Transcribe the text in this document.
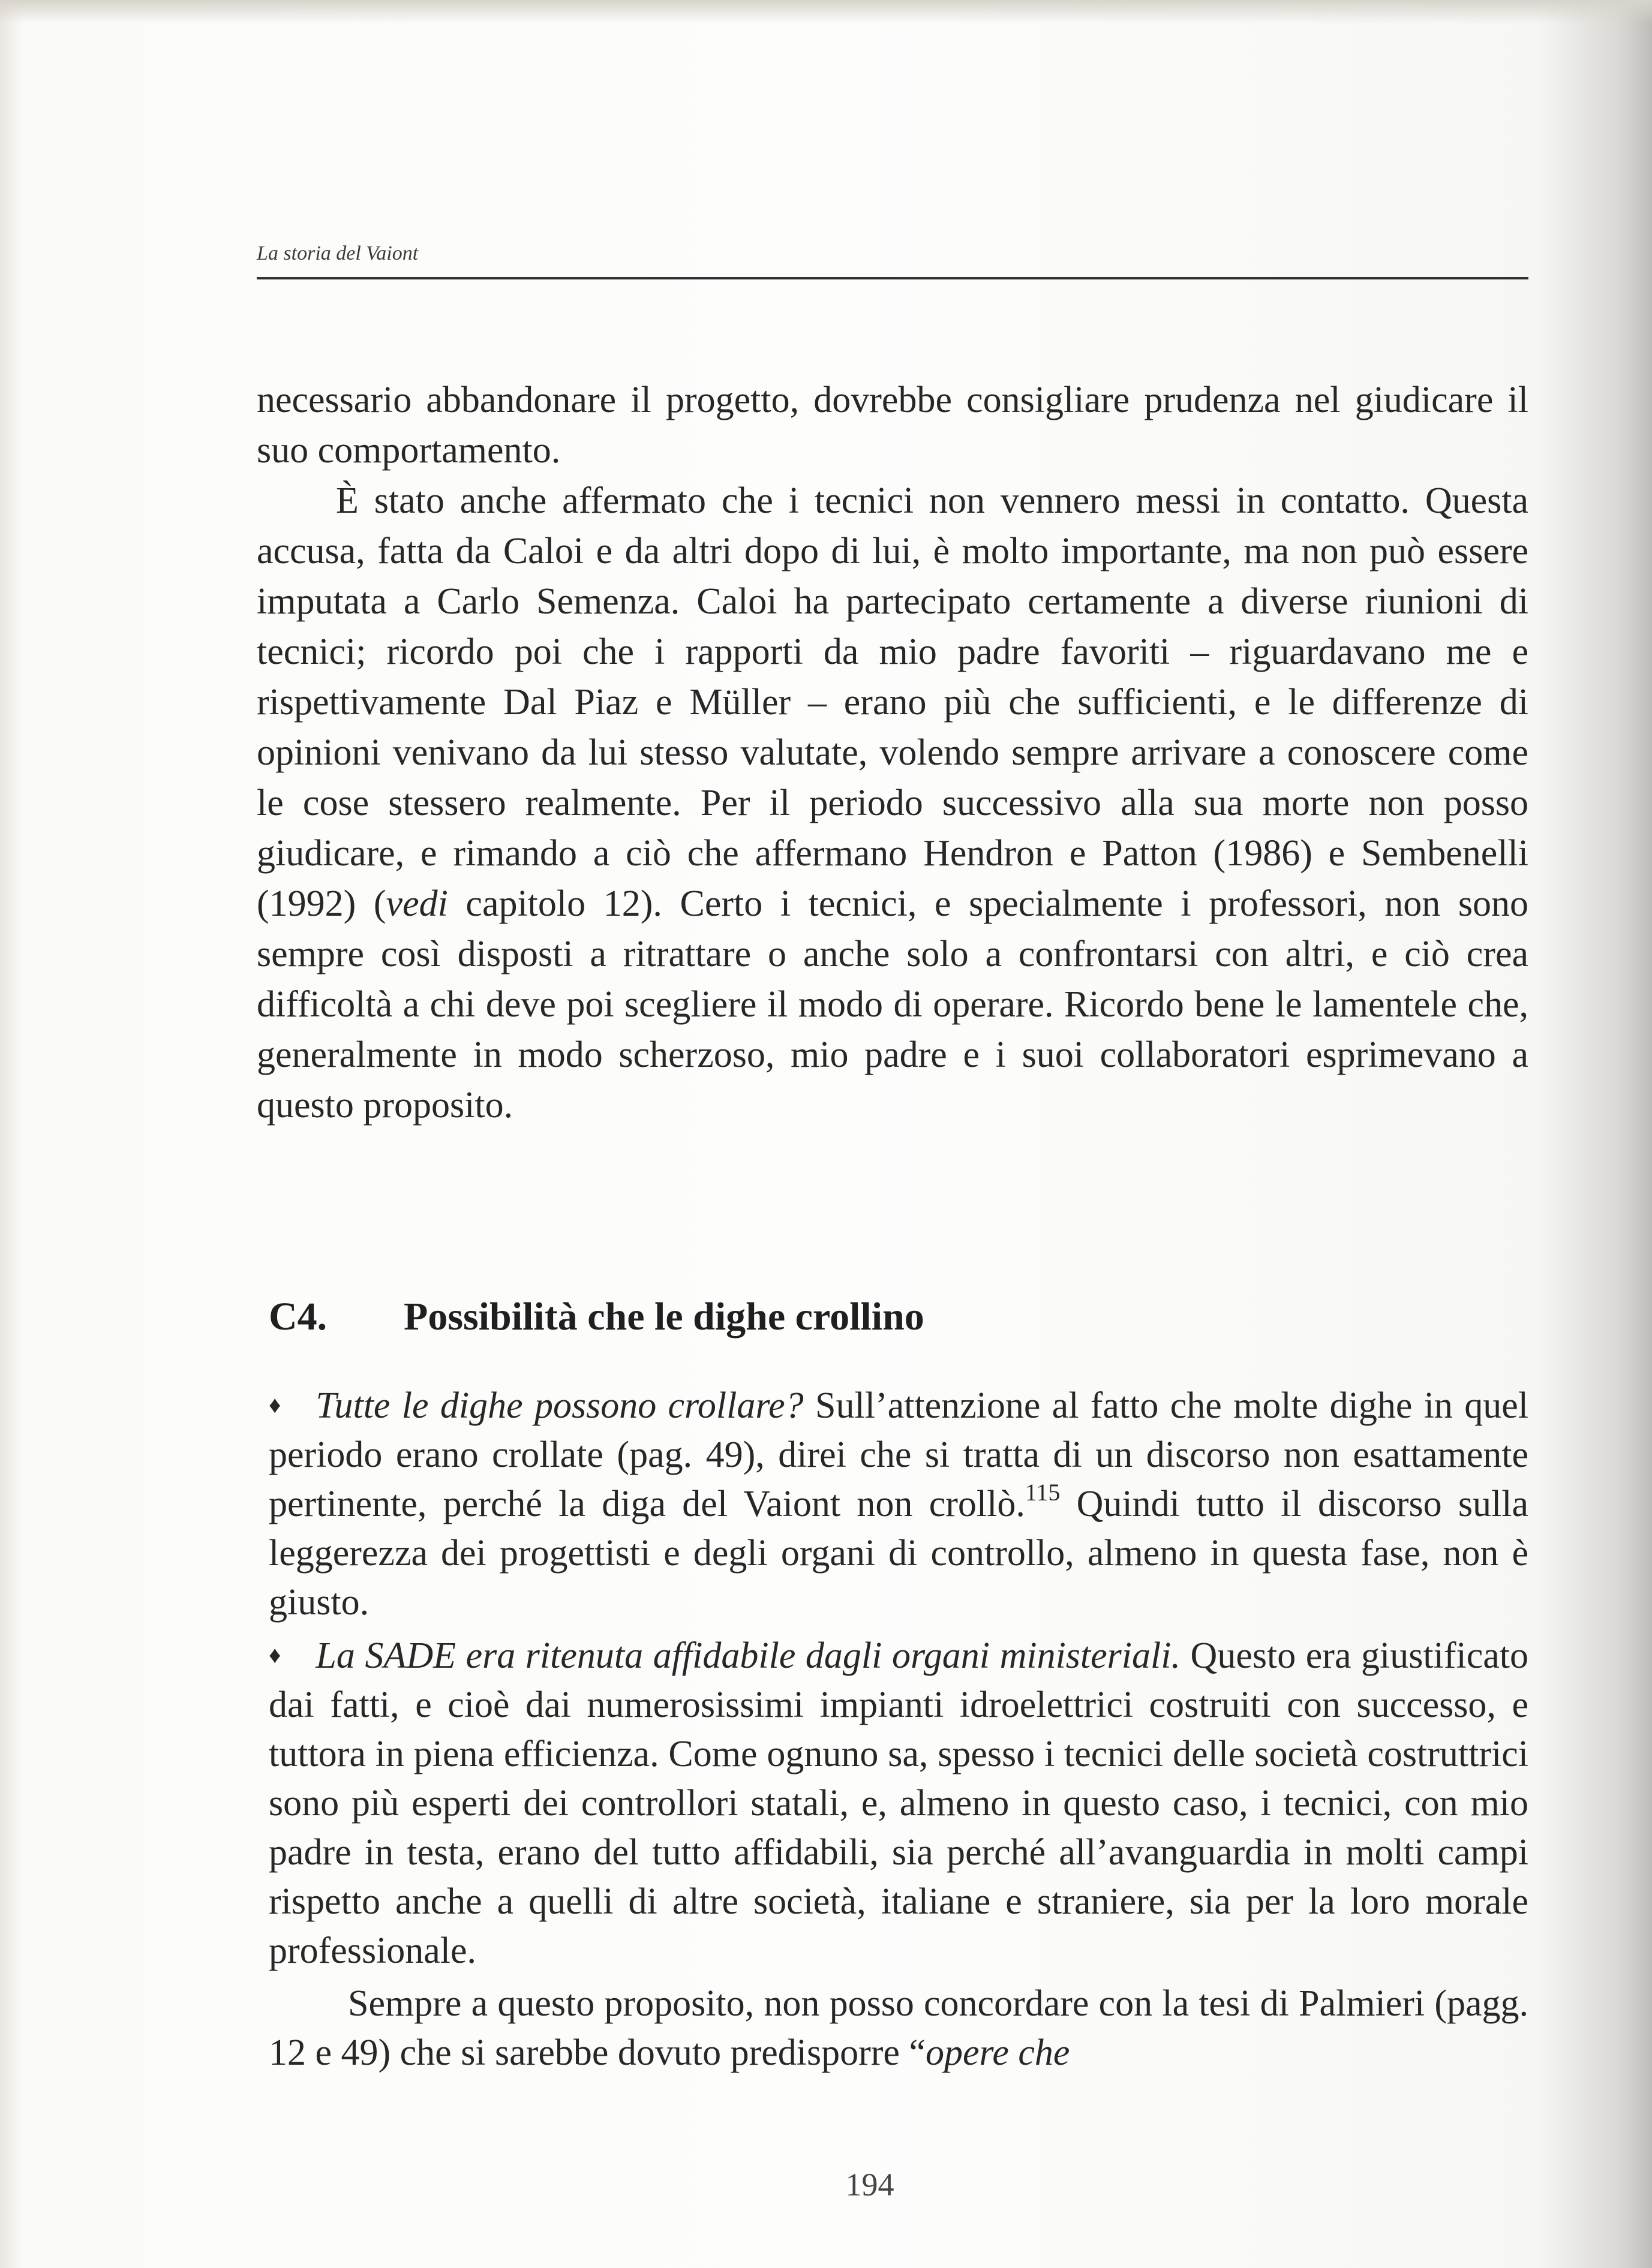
La storia del Vaiont

necessario abbandonare il progetto, dovrebbe consigliare prudenza nel giudicare il suo comportamento.

È stato anche affermato che i tecnici non vennero messi in contatto. Questa accusa, fatta da Caloi e da altri dopo di lui, è molto importante, ma non può essere imputata a Carlo Semenza. Caloi ha partecipato certamente a diverse riunioni di tecnici; ricordo poi che i rapporti da mio padre favoriti – riguardavano me e rispettivamente Dal Piaz e Müller – erano più che sufficienti, e le differenze di opinioni venivano da lui stesso valutate, volendo sempre arrivare a conoscere come le cose stessero realmente. Per il periodo successivo alla sua morte non posso giudicare, e rimando a ciò che affermano Hendron e Patton (1986) e Sembenelli (1992) (vedi capitolo 12). Certo i tecnici, e specialmente i professori, non sono sempre così disposti a ritrattare o anche solo a confrontarsi con altri, e ciò crea difficoltà a chi deve poi scegliere il modo di operare. Ricordo bene le lamentele che, generalmente in modo scherzoso, mio padre e i suoi collaboratori esprimevano a questo proposito.

C4. Possibilità che le dighe crollino

♦ Tutte le dighe possono crollare? Sull’attenzione al fatto che molte dighe in quel periodo erano crollate (pag. 49), direi che si tratta di un discorso non esattamente pertinente, perché la diga del Vaiont non crollò.$^{115}$ Quindi tutto il discorso sulla leggerezza dei progettisti e degli organi di controllo, almeno in questa fase, non è giusto.

♦ La SADE era ritenuta affidabile dagli organi ministeriali. Questo era giustificato dai fatti, e cioè dai numerosissimi impianti idroelettrici costruiti con successo, e tuttora in piena efficienza. Come ognuno sa, spesso i tecnici delle società costruttrici sono più esperti dei controllori statali, e, almeno in questo caso, i tecnici, con mio padre in testa, erano del tutto affidabili, sia perché all’avanguardia in molti campi rispetto anche a quelli di altre società, italiane e straniere, sia per la loro morale professionale.

Sempre a questo proposito, non posso concordare con la tesi di Palmieri (pagg. 12 e 49) che si sarebbe dovuto predisporre “opere che

194
